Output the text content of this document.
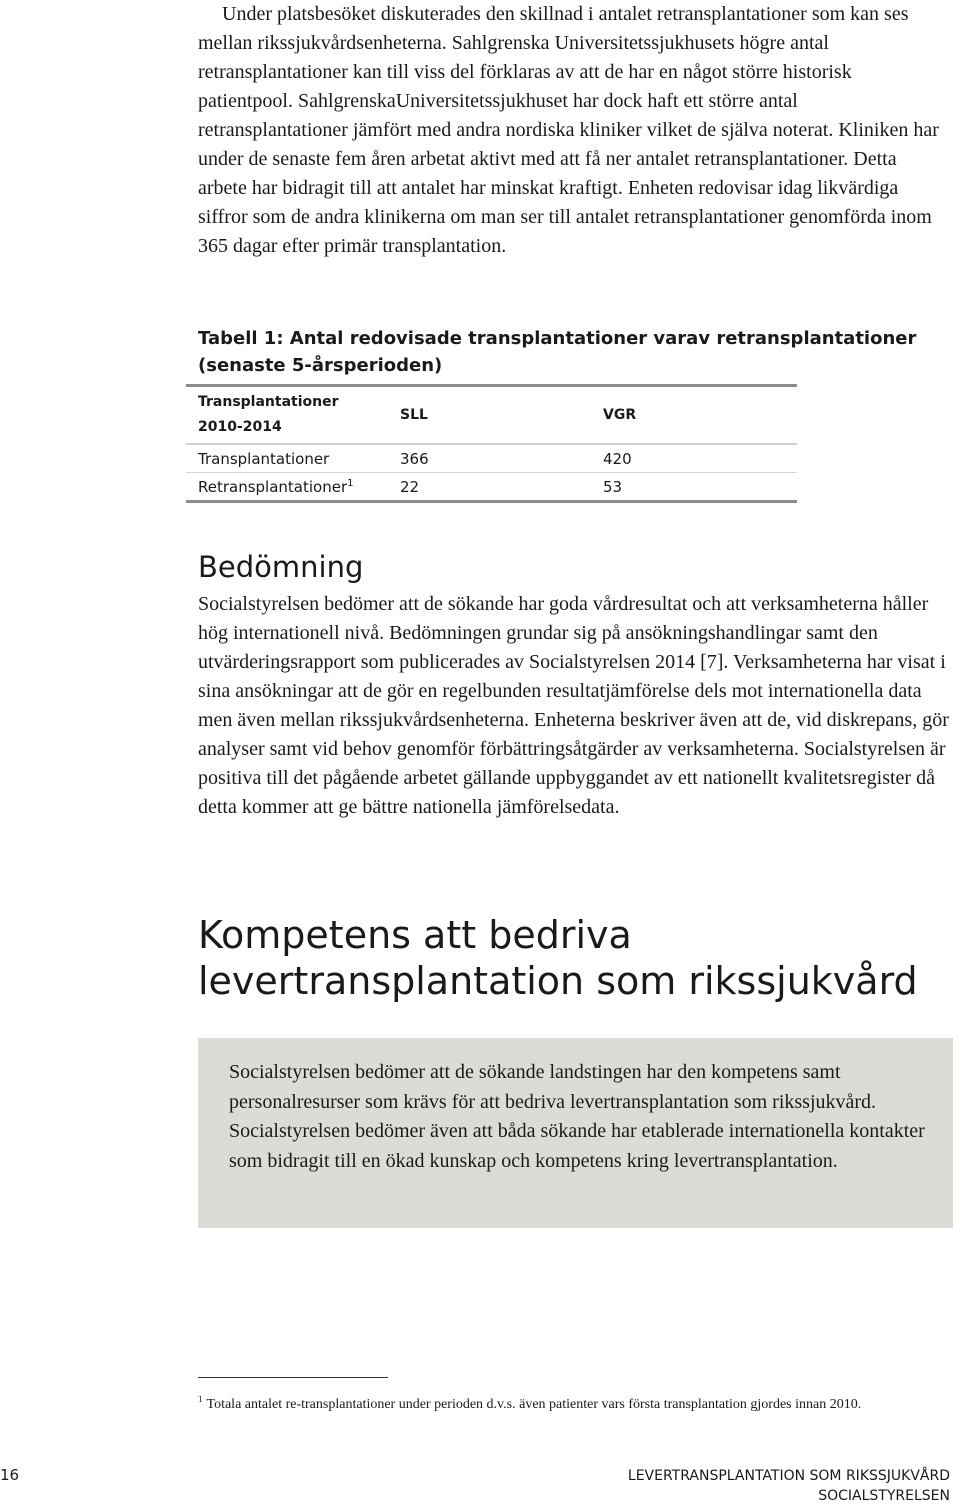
Under platsbesöket diskuterades den skillnad i antalet retransplantationer som kan ses mellan rikssjukvårdsenheterna. Sahlgrenska Universitetssjukhusets högre antal retransplantationer kan till viss del förklaras av att de har en något större historisk patientpool. SahlgrenskaUniversitetssjukhuset har dock haft ett större antal retransplantationer jämfört med andra nordiska kliniker vilket de själva noterat. Kliniken har under de senaste fem åren arbetat aktivt med att få ner antalet retransplantationer. Detta arbete har bidragit till att antalet har minskat kraftigt. Enheten redovisar idag likvärdiga siffror som de andra klinikerna om man ser till antalet retransplantationer genomförda inom 365 dagar efter primär transplantation.

Tabell 1: Antal redovisade transplantationer varav retransplantationer (senaste 5-årsperioden)

Transplantationer
2010-2014	SLL	VGR
Transplantationer	366	420
Retransplantationer$^1$	22	53
Bedömning

Socialstyrelsen bedömer att de sökande har goda vårdresultat och att verksamheterna håller hög internationell nivå. Bedömningen grundar sig på ansökningshandlingar samt den utvärderingsrapport som publicerades av Socialstyrelsen 2014 [7]. Verksamheterna har visat i sina ansökningar att de gör en regelbunden resultatjämförelse dels mot internationella data men även mellan rikssjukvårdsenheterna. Enheterna beskriver även att de, vid diskrepans, gör analyser samt vid behov genomför förbättringsåtgärder av verksamheterna. Socialstyrelsen är positiva till det pågående arbetet gällande uppbyggandet av ett nationellt kvalitetsregister då detta kommer att ge bättre nationella jämförelsedata.

Kompetens att bedriva levertransplantation som rikssjukvård

Socialstyrelsen bedömer att de sökande landstingen har den kompetens samt personalresurser som krävs för att bedriva levertransplantation som rikssjukvård. Socialstyrelsen bedömer även att båda sökande har etablerade internationella kontakter som bidragit till en ökad kunskap och kompetens kring levertransplantation.

$^1$ Totala antalet re-transplantationer under perioden d.v.s. även patienter vars första transplantation gjordes innan 2010.

16	LEVERTRANSPLANTATION SOM RIKSSJUKVÅRD
SOCIALSTYRELSEN
